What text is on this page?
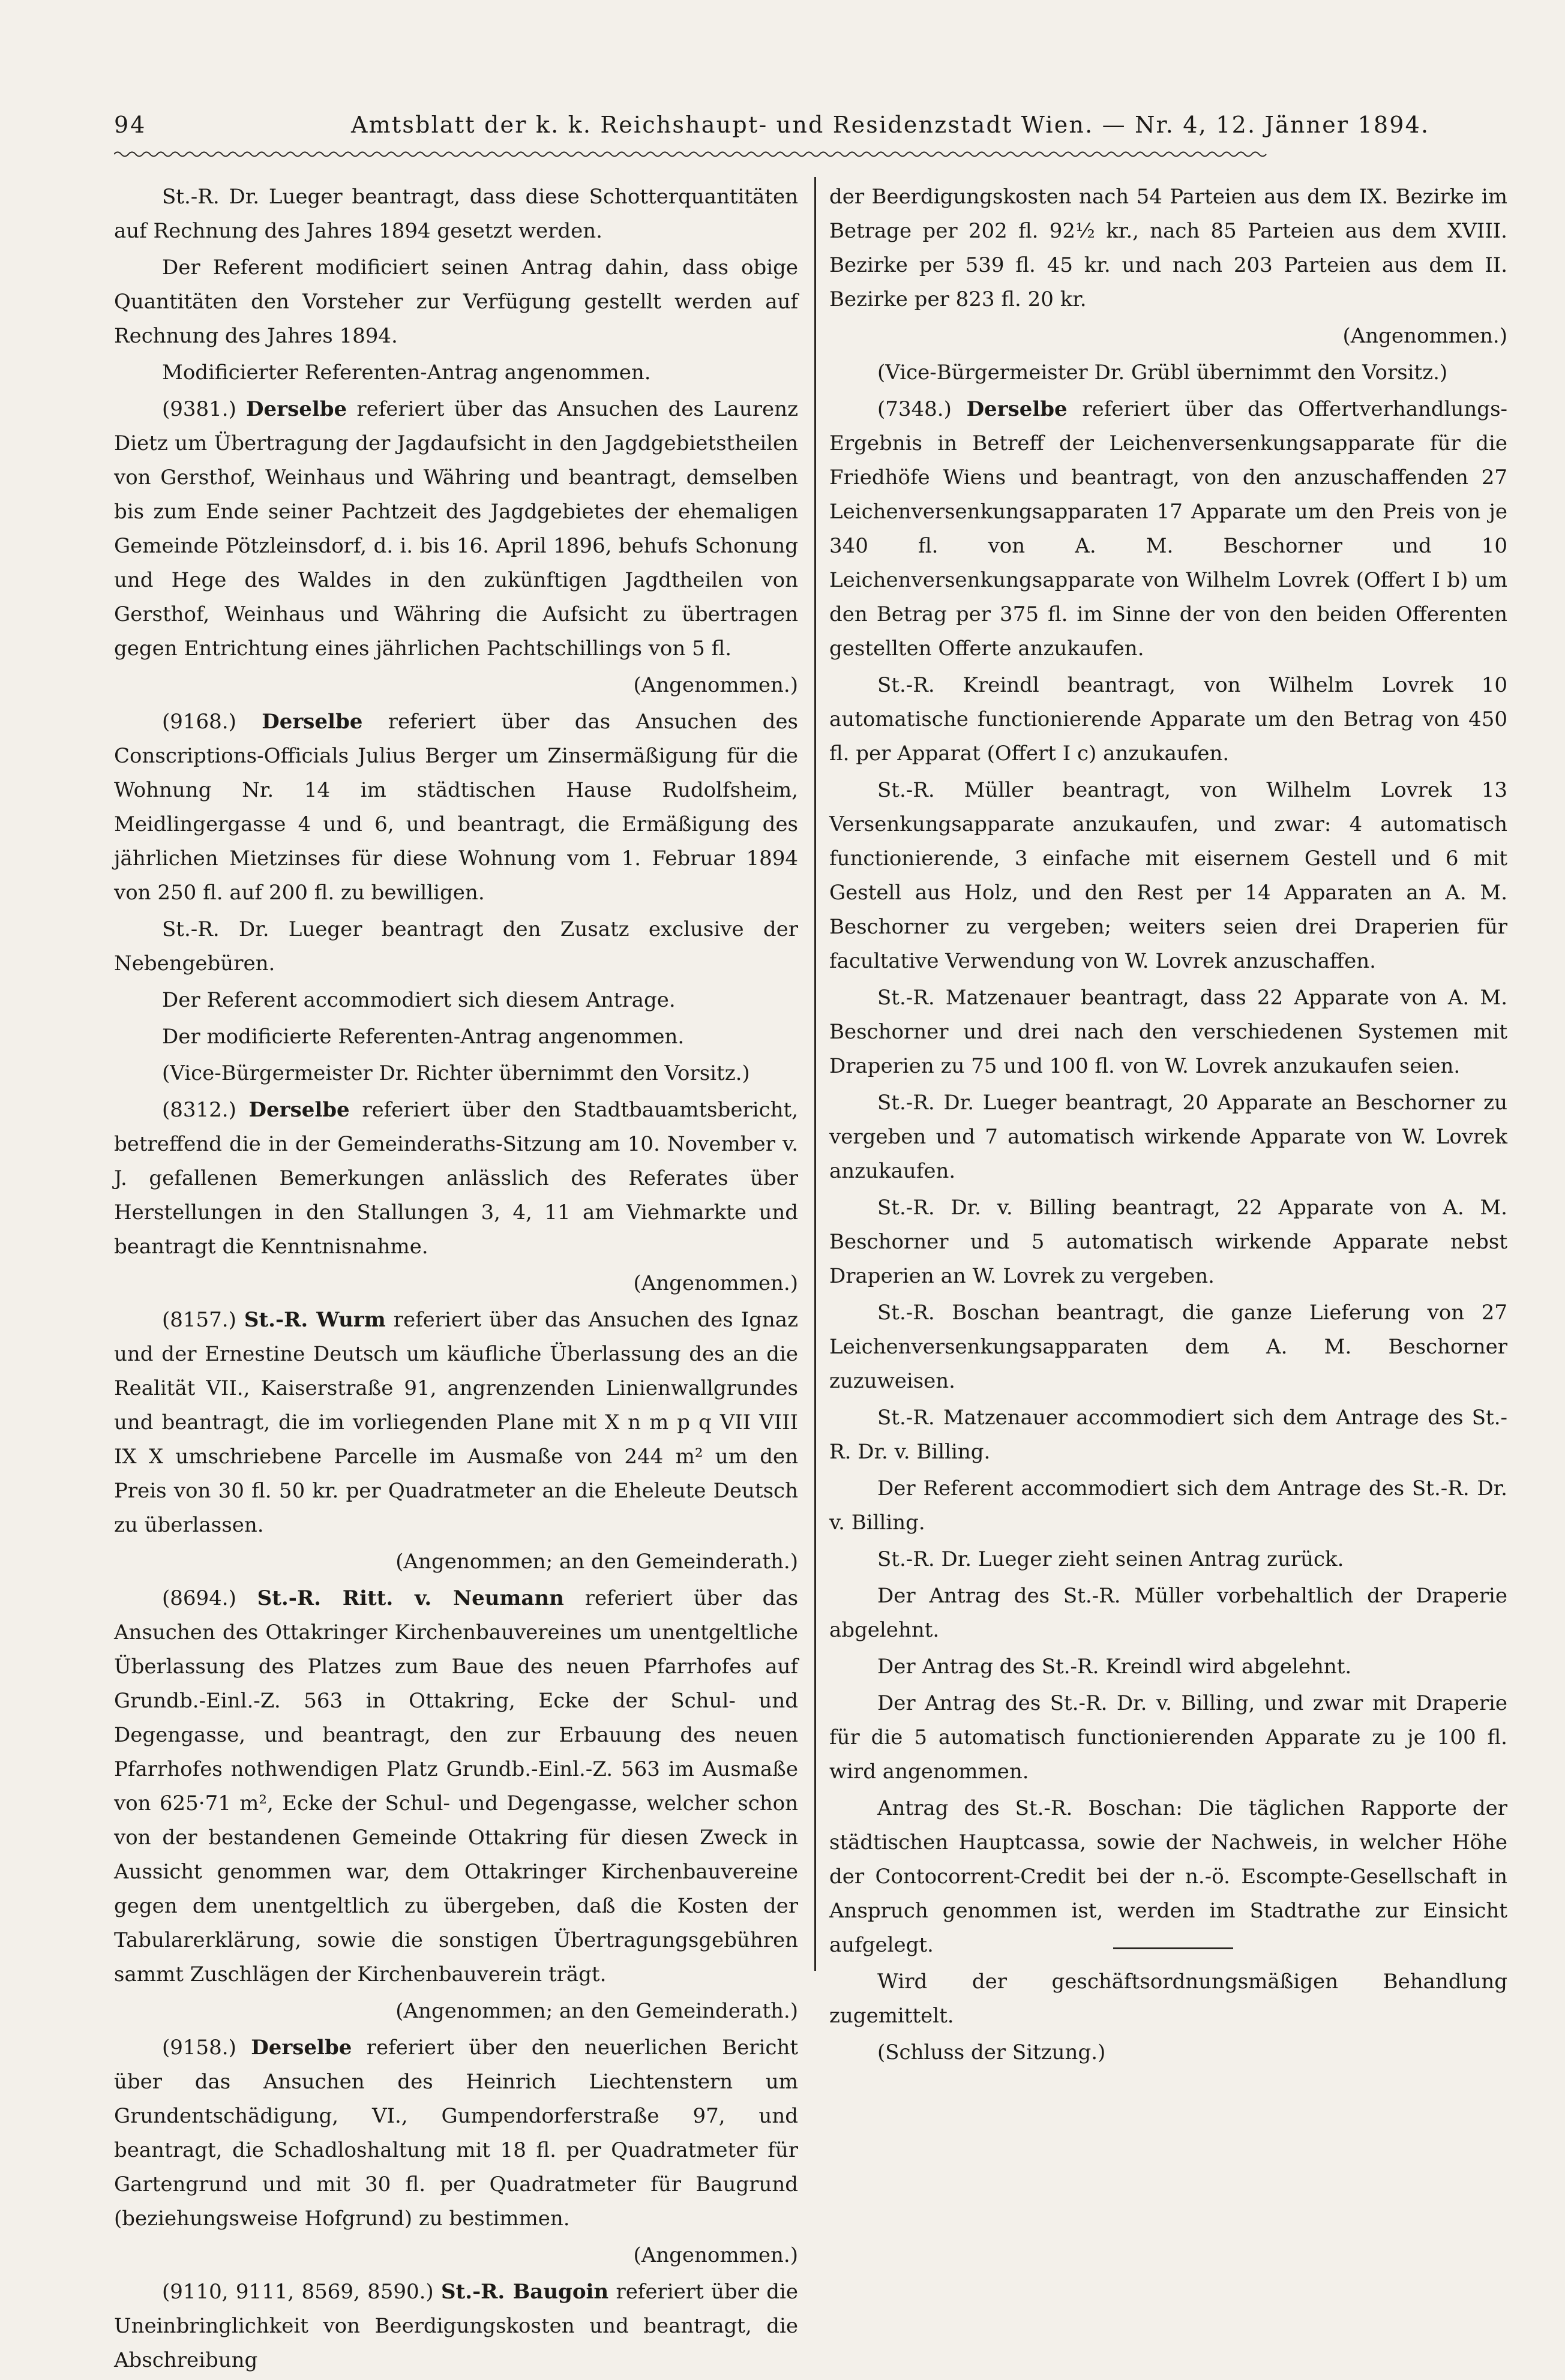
94	Amtsblatt der k. k. Reichshaupt- und Residenzstadt Wien. — Nr. 4, 12. Jänner 1894.

St.-R. Dr. Lueger beantragt, dass diese Schotterquantitäten auf Rechnung des Jahres 1894 gesetzt werden.

Der Referent modificiert seinen Antrag dahin, dass obige Quantitäten den Vorsteher zur Verfügung gestellt werden auf Rechnung des Jahres 1894.

Modificierter Referenten-Antrag angenommen.

(9381.) Derselbe referiert über das Ansuchen des Laurenz Dietz um Übertragung der Jagdaufsicht in den Jagdgebietstheilen von Gersthof, Weinhaus und Währing und beantragt, demselben bis zum Ende seiner Pachtzeit des Jagdgebietes der ehemaligen Gemeinde Pötzleinsdorf, d. i. bis 16. April 1896, behufs Schonung und Hege des Waldes in den zukünftigen Jagdtheilen von Gersthof, Weinhaus und Währing die Aufsicht zu übertragen gegen Entrichtung eines jährlichen Pachtschillings von 5 fl.

(Angenommen.)

(9168.) Derselbe referiert über das Ansuchen des Conscriptions-Officials Julius Berger um Zinsermäßigung für die Wohnung Nr. 14 im städtischen Hause Rudolfsheim, Meidlingergasse 4 und 6, und beantragt, die Ermäßigung des jährlichen Mietzinses für diese Wohnung vom 1. Februar 1894 von 250 fl. auf 200 fl. zu bewilligen.

St.-R. Dr. Lueger beantragt den Zusatz exclusive der Nebengebüren.

Der Referent accommodiert sich diesem Antrage.

Der modificierte Referenten-Antrag angenommen.

(Vice-Bürgermeister Dr. Richter übernimmt den Vorsitz.)

(8312.) Derselbe referiert über den Stadtbauamtsbericht, betreffend die in der Gemeinderaths-Sitzung am 10. November v. J. gefallenen Bemerkungen anlässlich des Referates über Herstellungen in den Stallungen 3, 4, 11 am Viehmarkte und beantragt die Kenntnisnahme.

(Angenommen.)

(8157.) St.-R. Wurm referiert über das Ansuchen des Ignaz und der Ernestine Deutsch um käufliche Überlassung des an die Realität VII., Kaiserstraße 91, angrenzenden Linienwallgrundes und beantragt, die im vorliegenden Plane mit X n m p q VII VIII IX X umschriebene Parcelle im Ausmaße von 244 m² um den Preis von 30 fl. 50 kr. per Quadratmeter an die Eheleute Deutsch zu überlassen.

(Angenommen; an den Gemeinderath.)

(8694.) St.-R. Ritt. v. Neumann referiert über das Ansuchen des Ottakringer Kirchenbauvereines um unentgeltliche Überlassung des Platzes zum Baue des neuen Pfarrhofes auf Grundb.-Einl.-Z. 563 in Ottakring, Ecke der Schul- und Degengasse, und beantragt, den zur Erbauung des neuen Pfarrhofes nothwendigen Platz Grundb.-Einl.-Z. 563 im Ausmaße von 625·71 m², Ecke der Schul- und Degengasse, welcher schon von der bestandenen Gemeinde Ottakring für diesen Zweck in Aussicht genommen war, dem Ottakringer Kirchenbauvereine gegen dem unentgeltlich zu übergeben, daß die Kosten der Tabularerklärung, sowie die sonstigen Übertragungsgebühren sammt Zuschlägen der Kirchenbauverein trägt.

(Angenommen; an den Gemeinderath.)

(9158.) Derselbe referiert über den neuerlichen Bericht über das Ansuchen des Heinrich Liechtenstern um Grundentschädigung, VI., Gumpendorferstraße 97, und beantragt, die Schadloshaltung mit 18 fl. per Quadratmeter für Gartengrund und mit 30 fl. per Quadratmeter für Baugrund (beziehungsweise Hofgrund) zu bestimmen.

(Angenommen.)

(9110, 9111, 8569, 8590.) St.-R. Baugoin referiert über die Uneinbringlichkeit von Beerdigungskosten und beantragt, die Abschreibung

der Beerdigungskosten nach 54 Parteien aus dem IX. Bezirke im Betrage per 202 fl. 92½ kr., nach 85 Parteien aus dem XVIII. Bezirke per 539 fl. 45 kr. und nach 203 Parteien aus dem II. Bezirke per 823 fl. 20 kr.

(Angenommen.)

(Vice-Bürgermeister Dr. Grübl übernimmt den Vorsitz.)

(7348.) Derselbe referiert über das Offertverhandlungs-Ergebnis in Betreff der Leichenversenkungsapparate für die Friedhöfe Wiens und beantragt, von den anzuschaffenden 27 Leichenversenkungsapparaten 17 Apparate um den Preis von je 340 fl. von A. M. Beschorner und 10 Leichenversenkungsapparate von Wilhelm Lovrek (Offert I b) um den Betrag per 375 fl. im Sinne der von den beiden Offerenten gestellten Offerte anzukaufen.

St.-R. Kreindl beantragt, von Wilhelm Lovrek 10 automatische functionierende Apparate um den Betrag von 450 fl. per Apparat (Offert I c) anzukaufen.

St.-R. Müller beantragt, von Wilhelm Lovrek 13 Versenkungsapparate anzukaufen, und zwar: 4 automatisch functionierende, 3 einfache mit eisernem Gestell und 6 mit Gestell aus Holz, und den Rest per 14 Apparaten an A. M. Beschorner zu vergeben; weiters seien drei Draperien für facultative Verwendung von W. Lovrek anzuschaffen.

St.-R. Matzenauer beantragt, dass 22 Apparate von A. M. Beschorner und drei nach den verschiedenen Systemen mit Draperien zu 75 und 100 fl. von W. Lovrek anzukaufen seien.

St.-R. Dr. Lueger beantragt, 20 Apparate an Beschorner zu vergeben und 7 automatisch wirkende Apparate von W. Lovrek anzukaufen.

St.-R. Dr. v. Billing beantragt, 22 Apparate von A. M. Beschorner und 5 automatisch wirkende Apparate nebst Draperien an W. Lovrek zu vergeben.

St.-R. Boschan beantragt, die ganze Lieferung von 27 Leichenversenkungsapparaten dem A. M. Beschorner zuzuweisen.

St.-R. Matzenauer accommodiert sich dem Antrage des St.-R. Dr. v. Billing.

Der Referent accommodiert sich dem Antrage des St.-R. Dr. v. Billing.

St.-R. Dr. Lueger zieht seinen Antrag zurück.

Der Antrag des St.-R. Müller vorbehaltlich der Draperie abgelehnt.

Der Antrag des St.-R. Kreindl wird abgelehnt.

Der Antrag des St.-R. Dr. v. Billing, und zwar mit Draperie für die 5 automatisch functionierenden Apparate zu je 100 fl. wird angenommen.

Antrag des St.-R. Boschan: Die täglichen Rapporte der städtischen Hauptcassa, sowie der Nachweis, in welcher Höhe der Contocorrent-Credit bei der n.-ö. Escompte-Gesellschaft in Anspruch genommen ist, werden im Stadtrathe zur Einsicht aufgelegt.

Wird der geschäftsordnungsmäßigen Behandlung zugemittelt.

(Schluss der Sitzung.)
